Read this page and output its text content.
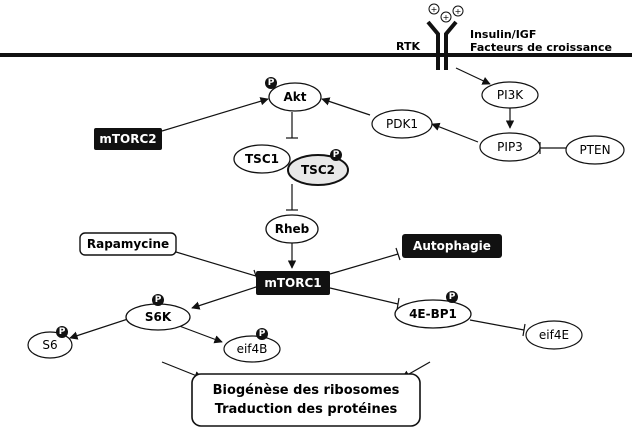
RTK
+
+
+
Insulin/IGF
Facteurs de croissance
Akt
PDK1
PI3K
PIP3	PTEN
TSC1
TSC2
Rheb
S6K	4E-BP1
S6	eif4B
eif4E
mTORC2
Rapamycine
mTORC1
Autophagie
Biogénèse des ribosomes
Traduction des protéines
P
P
P	P
P	P
